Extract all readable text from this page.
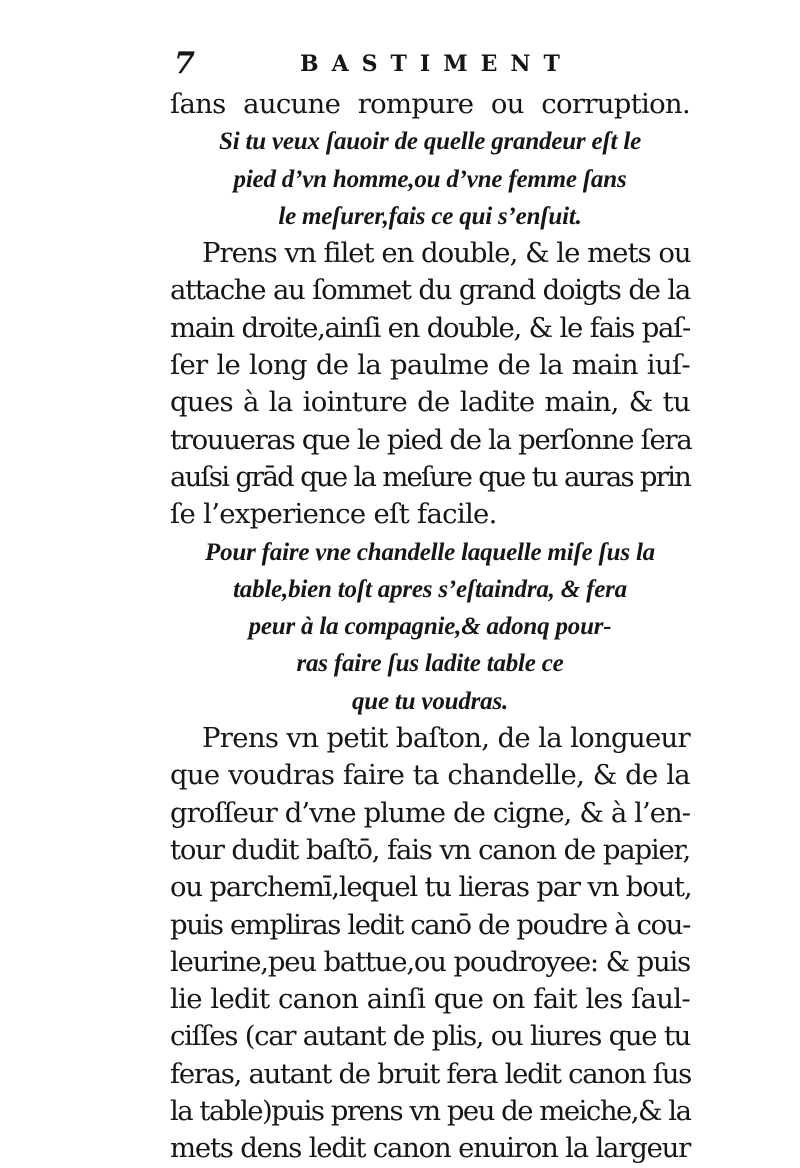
7	BASTIMENT
ſans aucune rompure ou corruption.
Si tu veux ſauoir de quelle grandeur eſt le
pied d’vn homme,ou d’vne femme ſans
le meſurer,fais ce qui s’enſuit.
Prens vn filet en double, & le mets ou
attache au ſommet du grand doigts de la
main droite,ainſi en double, & le fais paſ-
ſer le long de la paulme de la main iuſ-
ques à la iointure de ladite main, & tu
trouueras que le pied de la perſonne ſera
auſsi grād que la meſure que tu auras prin
ſe l’experience eſt facile.
Pour faire vne chandelle laquelle miſe ſus la
table,bien toſt apres s’eſtaindra, & fera
peur à la compagnie,& adonq pour-
ras faire ſus ladite table ce
que tu voudras.
Prens vn petit baſton, de la longueur
que voudras faire ta chandelle, & de la
groſſeur d’vne plume de cigne, & à l’en-
tour dudit baſtō, fais vn canon de papier,
ou parchemī,lequel tu lieras par vn bout,
puis empliras ledit canō de poudre à cou-
leurine,peu battue,ou poudroyee: & puis
lie ledit canon ainſi que on fait les ſaul-
ciſſes (car autant de plis, ou liures que tu
feras, autant de bruit fera ledit canon ſus
la table)puis prens vn peu de meiche,& la
mets dens ledit canon enuiron la largeur
